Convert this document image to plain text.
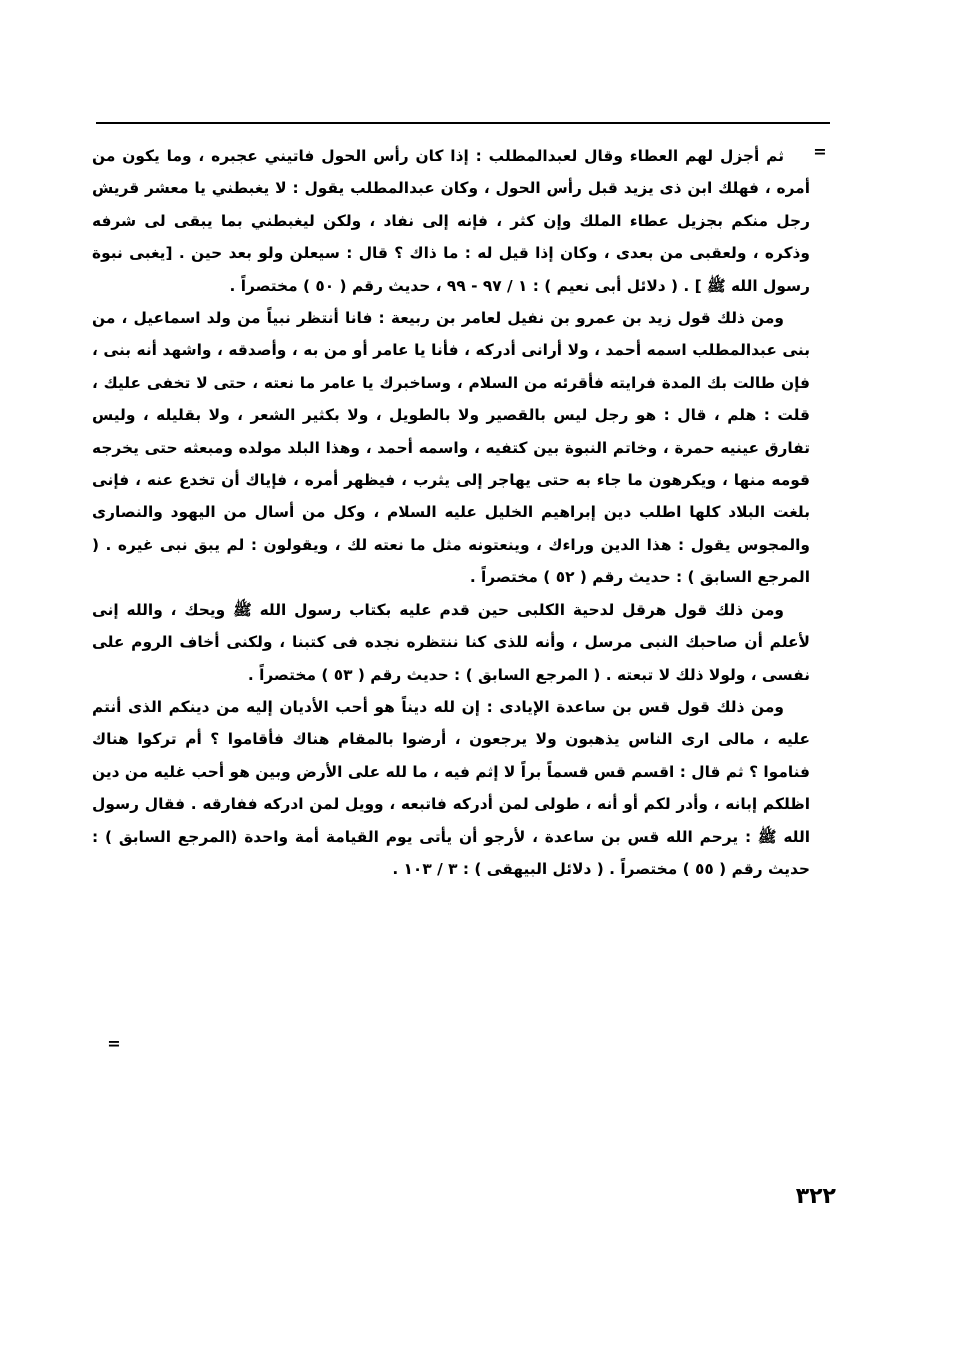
=

ثم أجزل لهم العطاء وقال لعبدالمطلب : إذا كان رأس الحول فاتيني عجبره ، وما يكون من أمره ، فهلك ابن ذى يزيد قبل رأس الحول ، وكان عبدالمطلب يقول : لا يغبطني يا معشر قريش رجل منكم بجزيل عطاء الملك وإن كثر ، فإنه إلى نفاد ، ولكن ليغبطني بما يبقى لى شرفه وذكره ، ولعقبى من بعدى ، وكان إذا قيل له : ما ذاك ؟ قال : سيعلن ولو بعد حين . [يغبى نبوة رسول الله ﷺ ] . ( دلائل أبى نعيم ) : ١ / ٩٧ - ٩٩ ، حديث رقم ( ٥٠ ) مختصراً .

ومن ذلك قول زيد بن عمرو بن نفيل لعامر بن ربيعة : فانا أنتظر نبياً من ولد اسماعيل ، من بنى عبدالمطلب اسمه أحمد ، ولا أرانى أدركه ، فأنا يا عامر أو من به ، وأصدقه ، واشهد أنه بنى ، فإن طالت بك المدة فرايته فأقرئه من السلام ، وساخبرك يا عامر ما نعته ، حتى لا تخفى عليك ، قلت : هلم ، قال : هو رجل ليس بالقصير ولا بالطويل ، ولا بكثير الشعر ، ولا بقليله ، وليس تفارق عينيه حمرة ، وخاتم النبوة بين كتفيه ، واسمه أحمد ، وهذا البلد مولده ومبعثه حتى يخرجه قومه منها ، ويكرهون ما جاء به حتى يهاجر إلى يثرب ، فيظهر أمره ، فإياك أن تخدع عنه ، فإنى بلغت البلاد كلها اطلب دين إبراهيم الخليل عليه السلام ، وكل من أسال من اليهود والنصارى والمجوس يقول : هذا الدين وراءك ، وينعتونه مثل ما نعته لك ، ويقولون : لم يبق نبى غيره . ( المرجع السابق ) : حديث رقم ( ٥٢ ) مختصراً .

ومن ذلك قول هرقل لدحية الكلبى حين قدم عليه بكتاب رسول الله ﷺ ويحك ، والله إنى لأعلم أن صاحبك النبى مرسل ، وأنه للذى كنا ننتظره نجده فى كتبنا ، ولكنى أخاف الروم على نفسى ، ولولا ذلك لا تبعته . ( المرجع السابق ) : حديث رقم ( ٥٣ ) مختصراً .

ومن ذلك قول قس بن ساعدة الإيادى : إن لله ديناً هو أحب الأديان إليه من دينكم الذى أنتم عليه ، مالى ارى الناس يذهبون ولا يرجعون ، أرضوا بالمقام هناك فأقاموا ؟ أم تركوا هناك فناموا ؟ ثم قال : اقسم قس قسماً براً لا إثم فيه ، ما لله على الأرض وبين هو أحب غليه من دين اظلكم إبانه ، وأدر لكم أو أنه ، طولى لمن أدركه فاتبعه ، وويل لمن ادركه ففارقه . فقال رسول الله ﷺ : يرحم الله قس بن ساعدة ، لأرجو أن يأتى يوم القيامة أمة واحدة (المرجع السابق ) : حديث رقم ( ٥٥ ) مختصراً . ( دلائل البيهقى ) : ٣ / ١٠٣ .

=
٣٢٢
